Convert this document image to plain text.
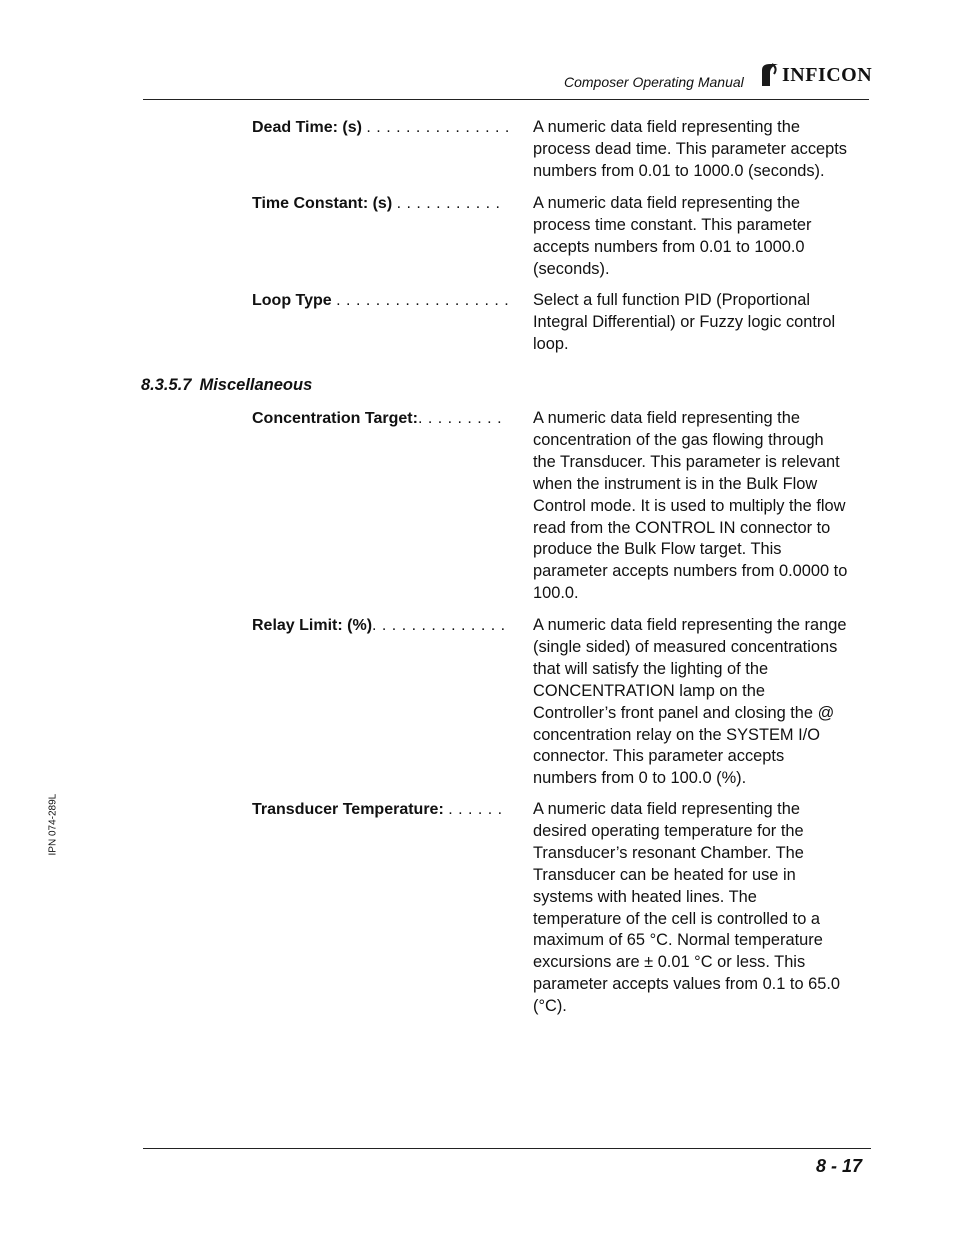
Composer Operating Manual INFICON
Dead Time: (s) . . . . . . . . . . . . . . .	A numeric data field representing the
process dead time. This parameter accepts
numbers from 0.01 to 1000.0 (seconds).
Time Constant: (s) . . . . . . . . . . .	A numeric data field representing the
process time constant. This parameter
accepts numbers from 0.01 to 1000.0
(seconds).
Loop Type . . . . . . . . . . . . . . . . . .	Select a full function PID (Proportional
Integral Differential) or Fuzzy logic control
loop.
8.3.5.7 Miscellaneous
Concentration Target:. . . . . . . . .	A numeric data field representing the
concentration of the gas flowing through
the Transducer. This parameter is relevant
when the instrument is in the Bulk Flow
Control mode. It is used to multiply the flow
read from the CONTROL IN connector to
produce the Bulk Flow target. This
parameter accepts numbers from 0.0000 to
100.0.
Relay Limit: (%). . . . . . . . . . . . . .	A numeric data field representing the range
(single sided) of measured concentrations
that will satisfy the lighting of the
CONCENTRATION lamp on the
Controller’s front panel and closing the @
concentration relay on the SYSTEM I/O
connector. This parameter accepts
numbers from 0 to 100.0 (%).
Transducer Temperature: . . . . . .	A numeric data field representing the
desired operating temperature for the
Transducer’s resonant Chamber. The
Transducer can be heated for use in
systems with heated lines. The
temperature of the cell is controlled to a
maximum of 65 °C. Normal temperature
excursions are ± 0.01 °C or less. This
parameter accepts values from 0.1 to 65.0
(°C).
IPN 074-289L
8 - 17
